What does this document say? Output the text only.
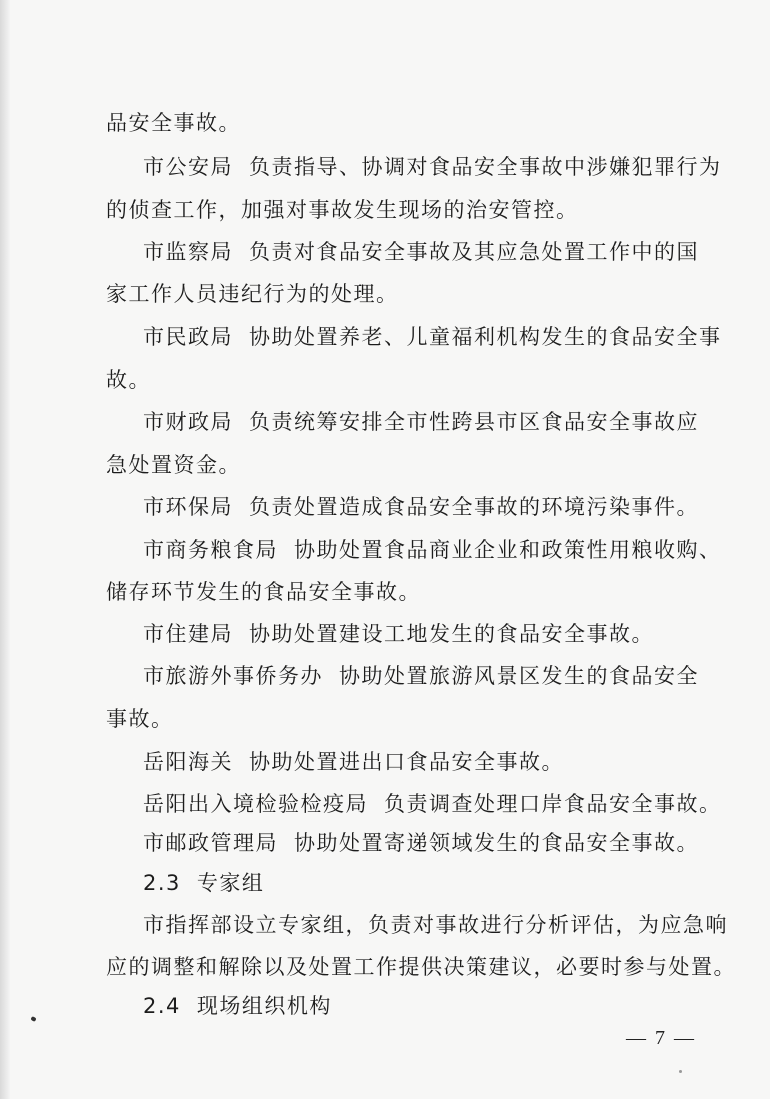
品安全事故。
市公安局 负责指导、协调对食品安全事故中涉嫌犯罪行为
的侦查工作，加强对事故发生现场的治安管控。
市监察局 负责对食品安全事故及其应急处置工作中的国
家工作人员违纪行为的处理。
市民政局 协助处置养老、儿童福利机构发生的食品安全事
故。
市财政局 负责统筹安排全市性跨县市区食品安全事故应
急处置资金。
市环保局 负责处置造成食品安全事故的环境污染事件。
市商务粮食局 协助处置食品商业企业和政策性用粮收购、
储存环节发生的食品安全事故。
市住建局 协助处置建设工地发生的食品安全事故。
市旅游外事侨务办 协助处置旅游风景区发生的食品安全
事故。
岳阳海关 协助处置进出口食品安全事故。
岳阳出入境检验检疫局 负责调查处理口岸食品安全事故。
市邮政管理局 协助处置寄递领域发生的食品安全事故。
2.3 专家组
市指挥部设立专家组，负责对事故进行分析评估，为应急响
应的调整和解除以及处置工作提供决策建议，必要时参与处置。
2.4 现场组织机构
— 7 —
